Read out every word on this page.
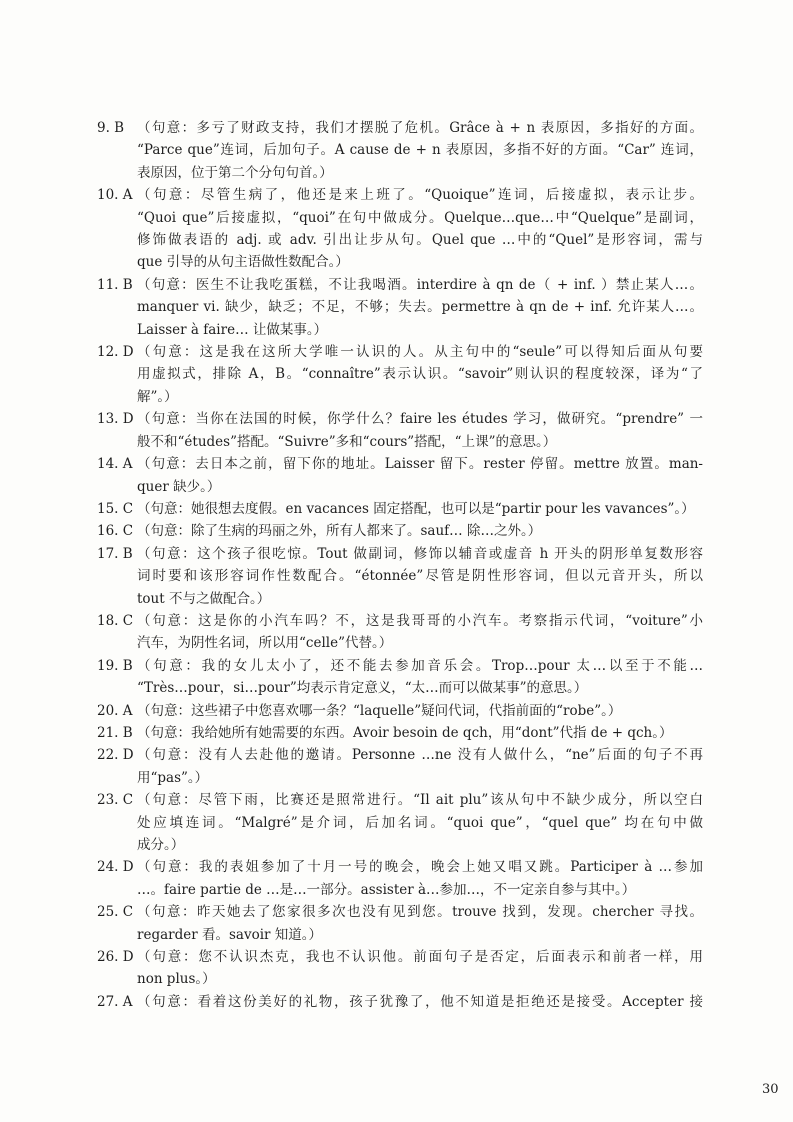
9. B （句意：多亏了财政支持，我们才摆脱了危机。Grâce à + n 表原因，多指好的方面。
“Parce que”连词，后加句子。A cause de + n 表原因，多指不好的方面。“Car” 连词，
表原因，位于第二个分句句首。）
10. A （句意：尽管生病了，他还是来上班了。“Quoique”连词，后接虚拟，表示让步。
“Quoi que”后接虚拟，“quoi”在句中做成分。Quelque…que…中“Quelque”是副词，
修饰做表语的 adj. 或 adv. 引出让步从句。Quel que …中的“Quel”是形容词，需与
que 引导的从句主语做性数配合。）
11. B （句意：医生不让我吃蛋糕，不让我喝酒。interdire à qn de（ + inf. ）禁止某人…。
manquer vi. 缺少，缺乏；不足，不够；失去。permettre à qn de + inf. 允许某人…。
Laisser à faire… 让做某事。）
12. D （句意：这是我在这所大学唯一认识的人。从主句中的“seule”可以得知后面从句要
用虚拟式，排除 A，B。“connaître”表示认识。“savoir”则认识的程度较深，译为“了
解”。）
13. D （句意：当你在法国的时候，你学什么？faire les études 学习，做研究。“prendre” 一
般不和“études”搭配。“Suivre”多和“cours”搭配，“上课”的意思。）
14. A （句意：去日本之前，留下你的地址。Laisser 留下。rester 停留。mettre 放置。man-
quer 缺少。）
15. C （句意：她很想去度假。en vacances 固定搭配，也可以是“partir pour les vavances”。）
16. C （句意：除了生病的玛丽之外，所有人都来了。sauf… 除…之外。）
17. B （句意：这个孩子很吃惊。Tout 做副词，修饰以辅音或虚音 h 开头的阴形单复数形容
词时要和该形容词作性数配合。“étonnée”尽管是阴性形容词，但以元音开头，所以
tout 不与之做配合。）
18. C （句意：这是你的小汽车吗？不，这是我哥哥的小汽车。考察指示代词，“voiture”小
汽车，为阴性名词，所以用“celle”代替。）
19. B （句意：我的女儿太小了，还不能去参加音乐会。Trop…pour 太…以至于不能…
“Très…pour，si…pour”均表示肯定意义，“太…而可以做某事”的意思。）
20. A （句意：这些裙子中您喜欢哪一条？“laquelle”疑问代词，代指前面的“robe”。）
21. B （句意：我给她所有她需要的东西。Avoir besoin de qch，用“dont”代指 de + qch。）
22. D （句意：没有人去赴他的邀请。Personne …ne 没有人做什么，“ne”后面的句子不再
用“pas”。）
23. C （句意：尽管下雨，比赛还是照常进行。“Il ait plu”该从句中不缺少成分，所以空白
处应填连词。“Malgré”是介词，后加名词。“quoi que”，“quel que” 均在句中做
成分。）
24. D （句意：我的表姐参加了十月一号的晚会，晚会上她又唱又跳。Participer à …参加
…。faire partie de …是…一部分。assister à…参加…，不一定亲自参与其中。）
25. C （句意：昨天她去了您家很多次也没有见到您。trouve 找到，发现。chercher 寻找。
regarder 看。savoir 知道。）
26. D （句意：您不认识杰克，我也不认识他。前面句子是否定，后面表示和前者一样，用
non plus。）
27. A （句意：看着这份美好的礼物，孩子犹豫了，他不知道是拒绝还是接受。Accepter 接
30
